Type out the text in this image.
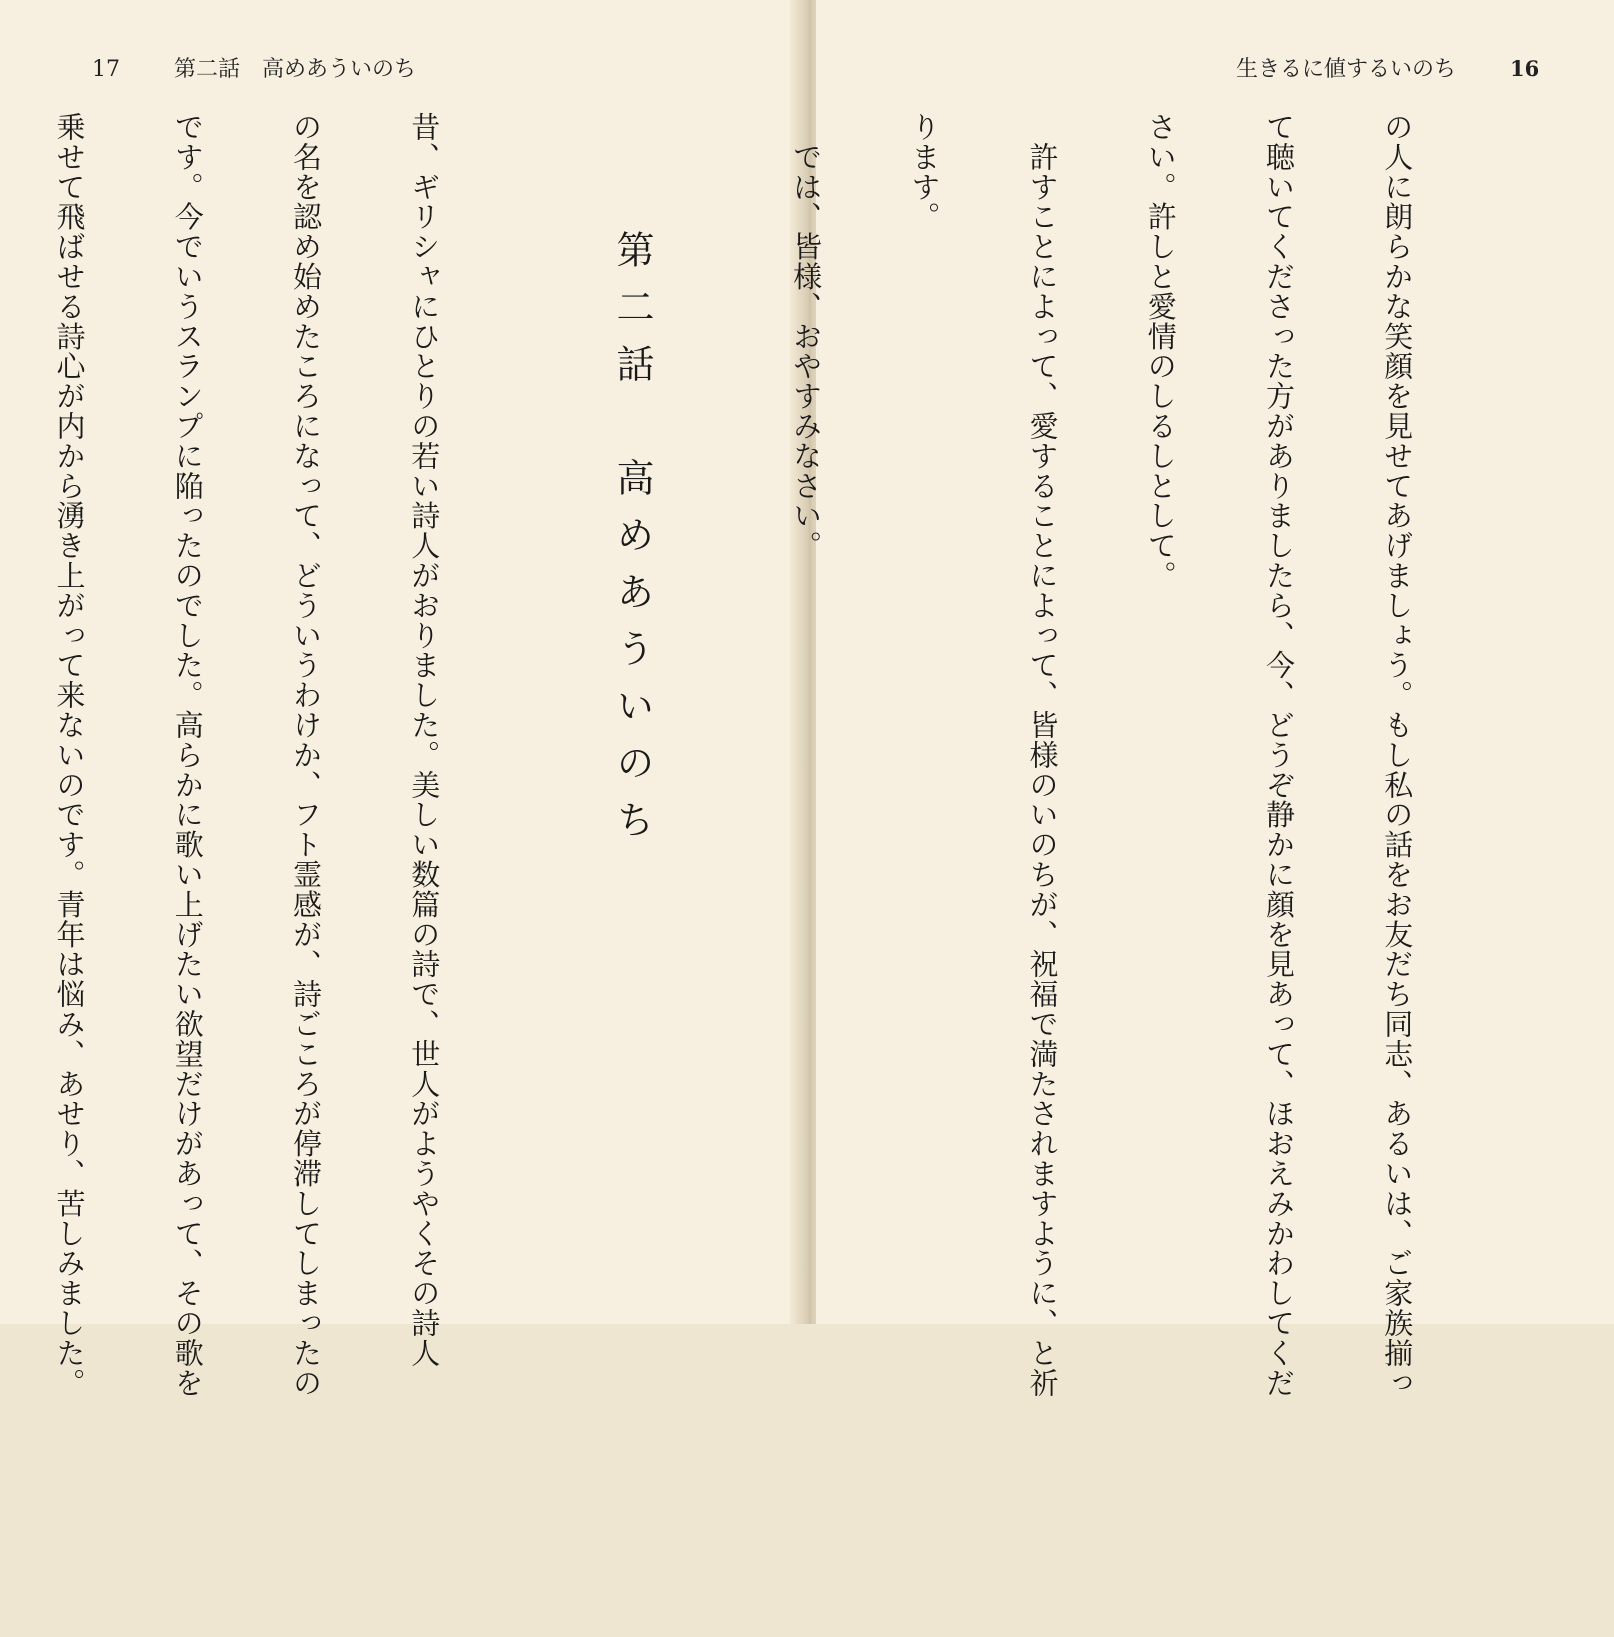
17 第二話　高めあういのち
第二話　高めあういのち

昔、ギリシャにひとりの若い詩人がおりました。美しい数篇の詩で、世人がようやくその詩人

の名を認め始めたころになって、どういうわけか、フト霊感が、詩ごころが停滞してしまったの

です。今でいうスランプに陥ったのでした。高らかに歌い上げたい欲望だけがあって、その歌を

乗せて飛ばせる詩心が内から湧き上がって来ないのです。青年は悩み、あせり、苦しみました。

生きるに値するいのち	16

の人に朗らかな笑顔を見せてあげましょう。もし私の話をお友だち同志、あるいは、ご家族揃っ

て聴いてくださった方がありましたら、今、どうぞ静かに顔を見あって、ほおえみかわしてくだ

さい。許しと愛情のしるしとして。

　許すことによって、愛することによって、皆様のいのちが、祝福で満たされますように、と祈

ります。

　では、皆様、おやすみなさい。
